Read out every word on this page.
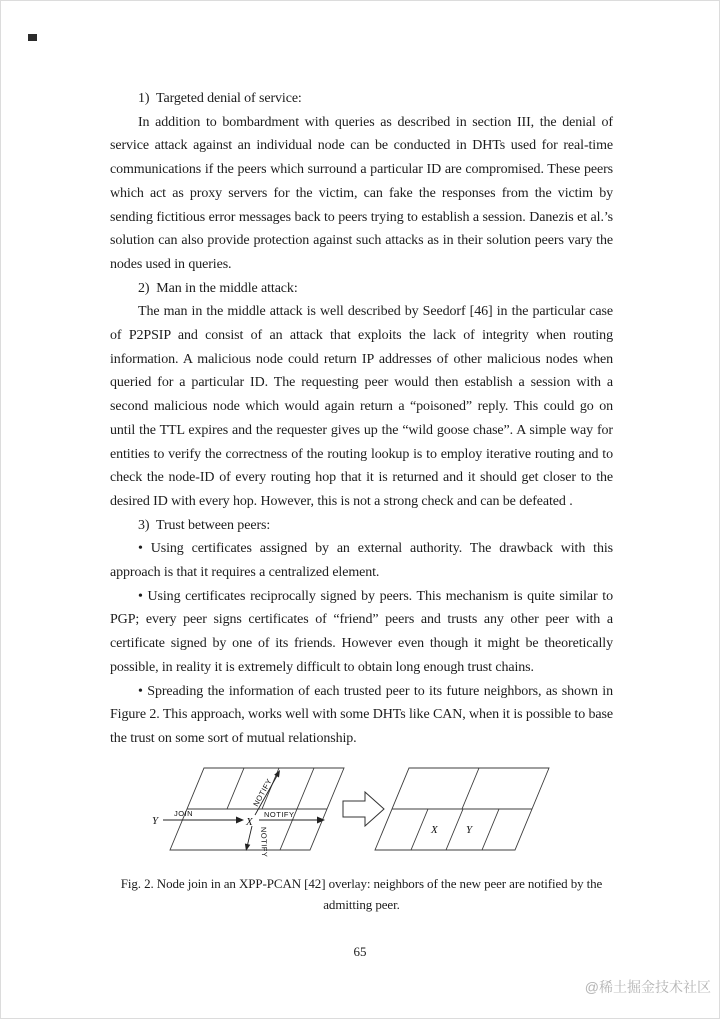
1)  Targeted denial of service:

In addition to bombardment with queries as described in section III, the denial of service attack against an individual node can be conducted in DHTs used for real-time communications if the peers which surround a particular ID are compromised. These peers which act as proxy servers for the victim, can fake the responses from the victim by sending fictitious error messages back to peers trying to establish a session. Danezis et al.’s solution can also provide protection against such attacks as in their solution peers vary the nodes used in queries.

2)  Man in the middle attack:

The man in the middle attack is well described by Seedorf [46] in the particular case of P2PSIP and consist of an attack that exploits the lack of integrity when routing information. A malicious node could return IP addresses of other malicious nodes when queried for a particular ID. The requesting peer would then establish a session with a second malicious node which would again return a “poisoned” reply. This could go on until the TTL expires and the requester gives up the “wild goose chase”. A simple way for entities to verify the correctness of the routing lookup is to employ iterative routing and to check the node-ID of every routing hop that it is returned and it should get closer to the desired ID with every hop. However, this is not a strong check and can be defeated .

3)  Trust between peers:

• Using certificates assigned by an external authority. The drawback with this approach is that it requires a centralized element.

• Using certificates reciprocally signed by peers. This mechanism is quite similar to PGP; every peer signs certificates of “friend” peers and trusts any other peer with a certificate signed by one of its friends. However even though it might be theoretically possible, in reality it is extremely difficult to obtain long enough trust chains.

• Spreading the information of each trusted peer to its future neighbors, as shown in Figure 2. This approach, works well with some DHTs like CAN, when it is possible to base the trust on some sort of mutual relationship.

Y
JOIN
X
NOTIFY
NOTIFY
NOTIFY	X	Y
Fig. 2. Node join in an XPP-PCAN [42] overlay: neighbors of the new peer are notified by the admitting peer.
65
@稀土掘金技术社区
